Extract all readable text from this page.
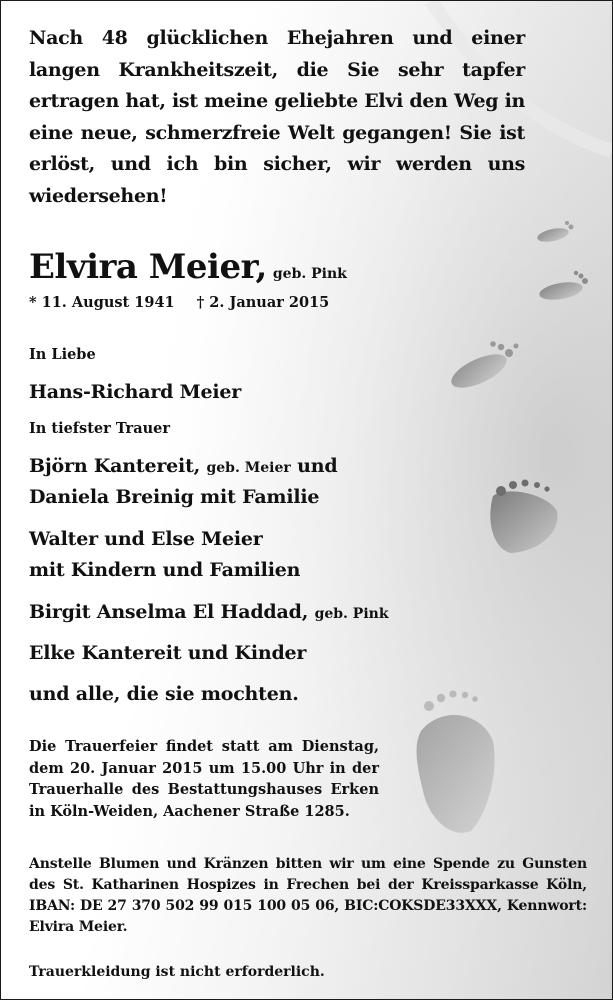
Nach 48 glücklichen Ehejahren und einer langen Krankheitszeit, die Sie sehr tapfer ertragen hat, ist meine geliebte Elvi den Weg in eine neue, schmerzfreie Welt gegangen! Sie ist erlöst, und ich bin sicher, wir werden uns wiedersehen!

Elvira Meier, geb. Pink
* 11. August 1941 † 2. Januar 2015
In Liebe
Hans-Richard Meier
In tiefster Trauer
Björn Kantereit, geb. Meier und
Daniela Breinig mit Familie
Walter und Else Meier
mit Kindern und Familien
Birgit Anselma El Haddad, geb. Pink
Elke Kantereit und Kinder
und alle, die sie mochten.

Die Trauerfeier findet statt am Dienstag, dem 20. Januar 2015 um 15.00 Uhr in der Trauerhalle des Bestattungshauses Erken in Köln-Weiden, Aachener Straße 1285.

Anstelle Blumen und Kränzen bitten wir um eine Spende zu Gunsten des St. Katharinen Hospizes in Frechen bei der Kreissparkasse Köln, IBAN: DE 27 370 502 99 015 100 05 06, BIC:COKSDE33XXX, Kennwort: Elvira Meier.

Trauerkleidung ist nicht erforderlich.
